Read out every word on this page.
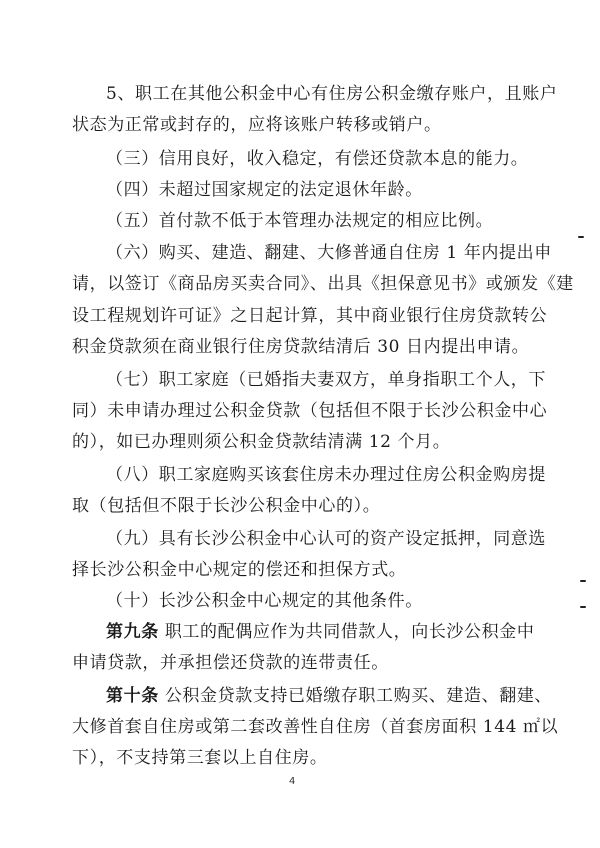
5、职工在其他公积金中心有住房公积金缴存账户，且账户
状态为正常或封存的，应将该账户转移或销户。
（三）信用良好，收入稳定，有偿还贷款本息的能力。
（四）未超过国家规定的法定退休年龄。
（五）首付款不低于本管理办法规定的相应比例。
（六）购买、建造、翻建、大修普通自住房 1 年内提出申
请，以签订《商品房买卖合同》、出具《担保意见书》或颁发《建
设工程规划许可证》之日起计算，其中商业银行住房贷款转公
积金贷款须在商业银行住房贷款结清后 30 日内提出申请。
（七）职工家庭（已婚指夫妻双方，单身指职工个人，下
同）未申请办理过公积金贷款（包括但不限于长沙公积金中心
的），如已办理则须公积金贷款结清满 12 个月。
（八）职工家庭购买该套住房未办理过住房公积金购房提
取（包括但不限于长沙公积金中心的）。
（九）具有长沙公积金中心认可的资产设定抵押，同意选
择长沙公积金中心规定的偿还和担保方式。
（十）长沙公积金中心规定的其他条件。
第九条 职工的配偶应作为共同借款人，向长沙公积金中
申请贷款，并承担偿还贷款的连带责任。
第十条 公积金贷款支持已婚缴存职工购买、建造、翻建、
大修首套自住房或第二套改善性自住房（首套房面积 144 ㎡以
下），不支持第三套以上自住房。
4
